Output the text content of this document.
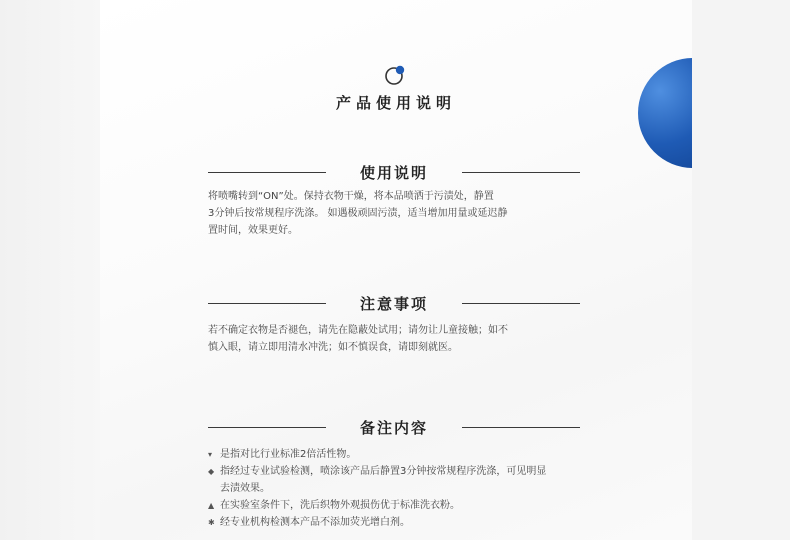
产品使用说明
使用说明
将喷嘴转到“ON”处。保持衣物干燥，将本品喷洒于污渍处，静置
3分钟后按常规程序洗涤。 如遇极顽固污渍，适当增加用量或延迟静
置时间，效果更好。
注意事项
若不确定衣物是否褪色，请先在隐蔽处试用；请勿让儿童接触；如不
慎入眼，请立即用清水冲洗；如不慎误食，请即刻就医。
备注内容
▾ 是指对比行业标准2倍活性物。
◆ 指经过专业试验检测，喷涂该产品后静置3分钟按常规程序洗涤，可见明显
去渍效果。
▲ 在实验室条件下，洗后织物外观损伤优于标准洗衣粉。
✱ 经专业机构检测本产品不添加荧光增白剂。
